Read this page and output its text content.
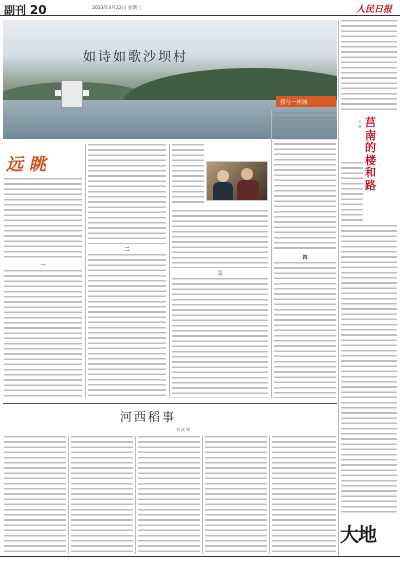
副刊 20	2023年3月22日 星期三	人民日报
如诗如歌沙坝村
我与一座城
远 眺
一
二
三
四
莒南的楼和路
王 婷
河西稻事
刘 成 城
大地
